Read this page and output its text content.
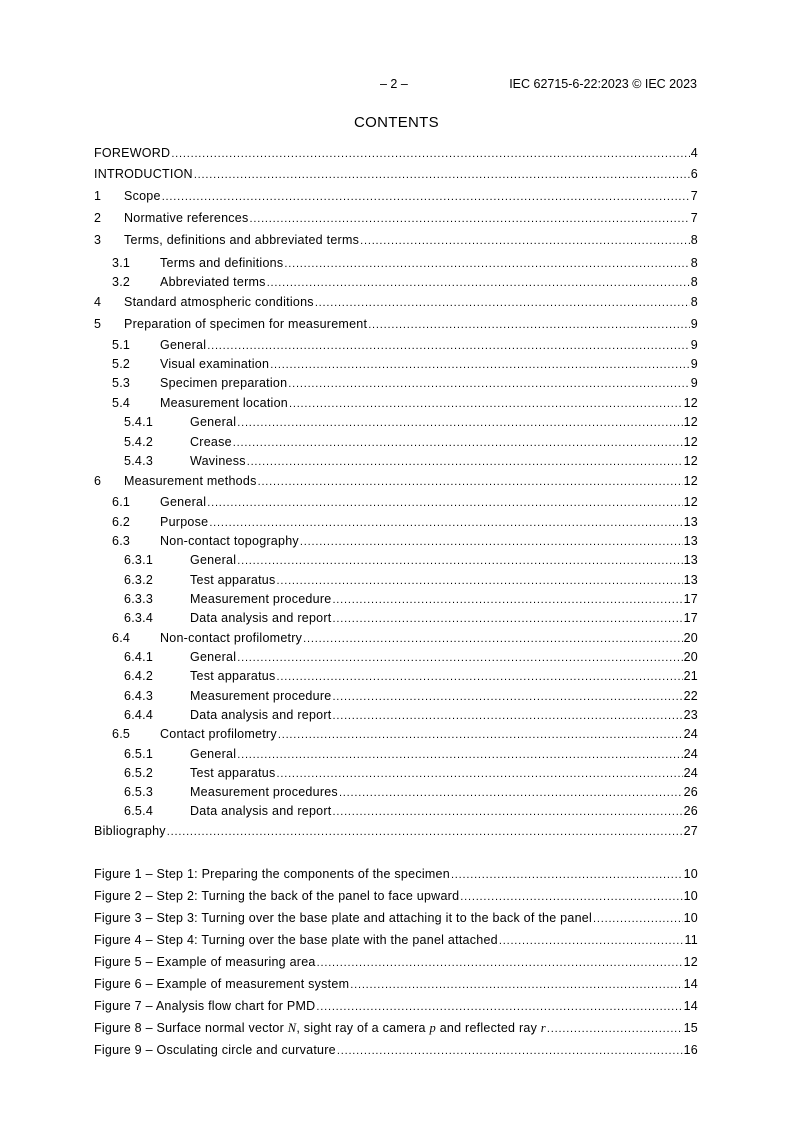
– 2 –	IEC 62715-6-22:2023 © IEC 2023
CONTENTS
FOREWORD .....	4
INTRODUCTION .....	6
1	Scope .....	7
2	Normative references .....	7
3	Terms, definitions and abbreviated terms .....	8
3.1	Terms and definitions .....	8
3.2	Abbreviated terms .....	8
4	Standard atmospheric conditions .....	8
5	Preparation of specimen for measurement .....	9
5.1	General .....	9
5.2	Visual examination .....	9
5.3	Specimen preparation .....	9
5.4	Measurement location .....	12
5.4.1	General .....	12
5.4.2	Crease .....	12
5.4.3	Waviness .....	12
6	Measurement methods .....	12
6.1	General .....	12
6.2	Purpose .....	13
6.3	Non-contact topography .....	13
6.3.1	General .....	13
6.3.2	Test apparatus .....	13
6.3.3	Measurement procedure .....	17
6.3.4	Data analysis and report .....	17
6.4	Non-contact profilometry .....	20
6.4.1	General .....	20
6.4.2	Test apparatus .....	21
6.4.3	Measurement procedure .....	22
6.4.4	Data analysis and report .....	23
6.5	Contact profilometry .....	24
6.5.1	General .....	24
6.5.2	Test apparatus .....	24
6.5.3	Measurement procedures .....	26
6.5.4	Data analysis and report .....	26
Bibliography .....	27
Figure 1 – Step 1: Preparing the components of the specimen .....	10
Figure 2 – Step 2: Turning the back of the panel to face upward .....	10
Figure 3 – Step 3: Turning over the base plate and attaching it to the back of the panel .....	10
Figure 4 – Step 4: Turning over the base plate with the panel attached .....	11
Figure 5 – Example of measuring area .....	12
Figure 6 – Example of measurement system .....	14
Figure 7 – Analysis flow chart for PMD .....	14
Figure 8 – Surface normal vector N, sight ray of a camera p and reflected ray r .....	15
Figure 9 – Osculating circle and curvature .....	16
